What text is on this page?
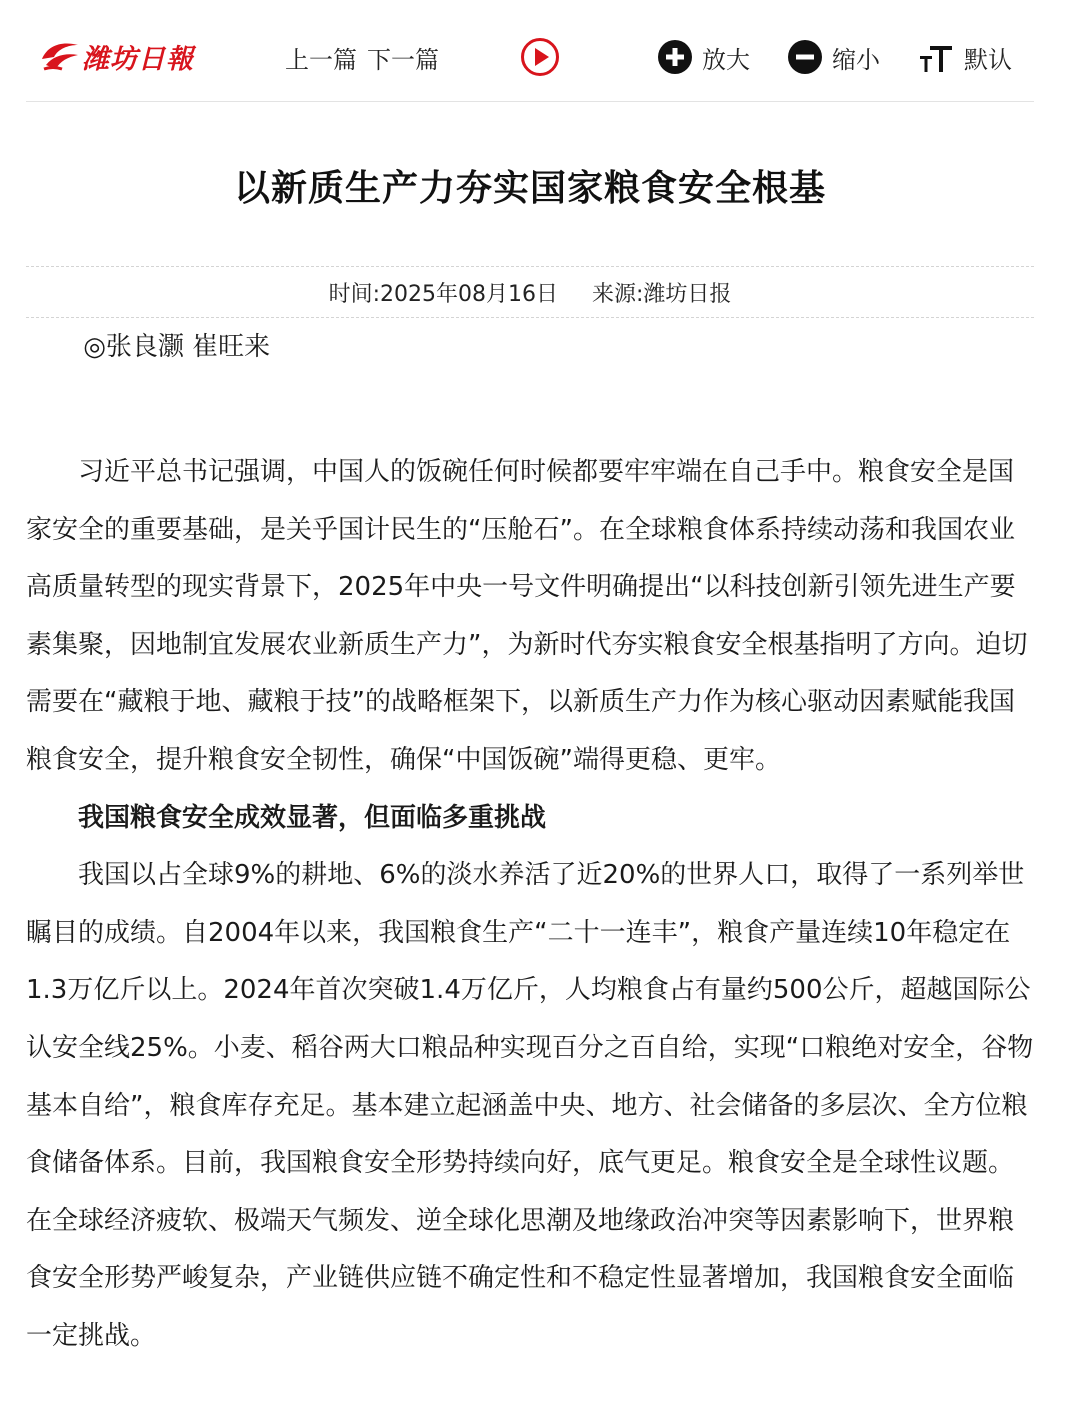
潍坊日報	上一篇 下一篇	放大	缩小	默认
以新质生产力夯实国家粮食安全根基
时间:2025年08月16日 来源:潍坊日报

◎张良灏 崔旺来

习近平总书记强调，中国人的饭碗任何时候都要牢牢端在自己手中。粮食安全是国家安全的重要基础，是关乎国计民生的“压舱石”。在全球粮食体系持续动荡和我国农业高质量转型的现实背景下，2025年中央一号文件明确提出“以科技创新引领先进生产要素集聚，因地制宜发展农业新质生产力”，为新时代夯实粮食安全根基指明了方向。迫切需要在“藏粮于地、藏粮于技”的战略框架下，以新质生产力作为核心驱动因素赋能我国粮食安全，提升粮食安全韧性，确保“中国饭碗”端得更稳、更牢。

我国粮食安全成效显著，但面临多重挑战

我国以占全球9%的耕地、6%的淡水养活了近20%的世界人口，取得了一系列举世瞩目的成绩。自2004年以来，我国粮食生产“二十一连丰”，粮食产量连续10年稳定在1.3万亿斤以上。2024年首次突破1.4万亿斤，人均粮食占有量约500公斤，超越国际公认安全线25%。小麦、稻谷两大口粮品种实现百分之百自给，实现“口粮绝对安全，谷物基本自给”，粮食库存充足。基本建立起涵盖中央、地方、社会储备的多层次、全方位粮食储备体系。目前，我国粮食安全形势持续向好，底气更足。粮食安全是全球性议题。在全球经济疲软、极端天气频发、逆全球化思潮及地缘政治冲突等因素影响下，世界粮食安全形势严峻复杂，产业链供应链不确定性和不稳定性显著增加，我国粮食安全面临一定挑战。
